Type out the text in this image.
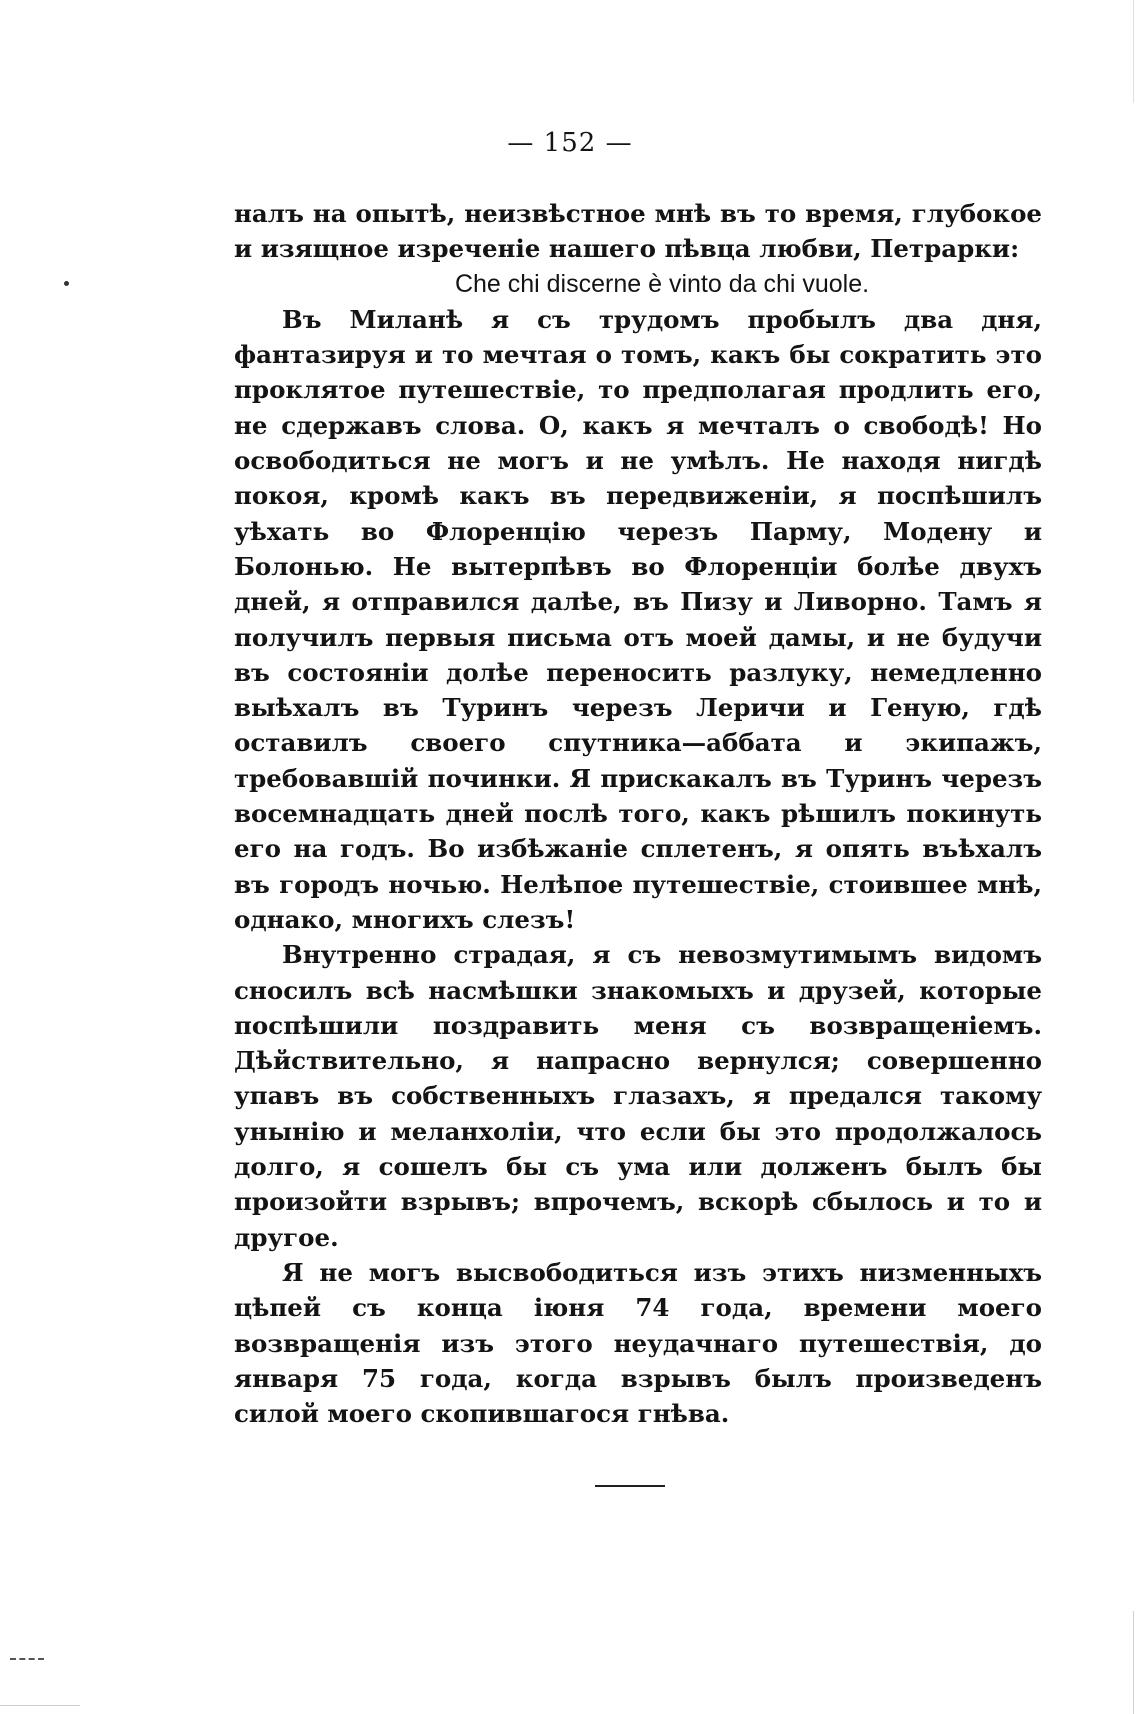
— 152 —

налъ на опытѣ, неизвѣстное мнѣ въ то время, глубокое и изящное изреченіе нашего пѣвца любви, Петрарки:

Che chi discerne è vinto da chi vuole.

Въ Миланѣ я съ трудомъ пробылъ два дня, фантазируя и то мечтая о томъ, какъ бы сократить это проклятое путешествіе, то предполагая продлить его, не сдержавъ слова. О, какъ я мечталъ о свободѣ! Но освободиться не могъ и не умѣлъ. Не находя нигдѣ покоя, кромѣ какъ въ передвиженіи, я поспѣшилъ уѣхать во Флоренцію черезъ Парму, Модену и Болонью. Не вытерпѣвъ во Флоренціи болѣе двухъ дней, я отправился далѣе, въ Пизу и Ливорно. Тамъ я получилъ первыя письма отъ моей дамы, и не будучи въ состояніи долѣе переносить разлуку, немедленно выѣхалъ въ Туринъ черезъ Леричи и Геную, гдѣ оставилъ своего спутника—аббата и экипажъ, требовавшій починки. Я прискакалъ въ Туринъ черезъ восемнадцать дней послѣ того, какъ рѣшилъ покинуть его на годъ. Во избѣжаніе сплетенъ, я опять въѣхалъ въ городъ ночью. Нелѣпое путешествіе, стоившее мнѣ, однако, многихъ слезъ!

Внутренно страдая, я съ невозмутимымъ видомъ сносилъ всѣ насмѣшки знакомыхъ и друзей, которые поспѣшили поздравить меня съ возвращеніемъ. Дѣйствительно, я напрасно вернулся; совершенно упавъ въ собственныхъ глазахъ, я предался такому унынію и меланхоліи, что если бы это продолжалось долго, я сошелъ бы съ ума или долженъ былъ бы произойти взрывъ; впрочемъ, вскорѣ сбылось и то и другое.

Я не могъ высвободиться изъ этихъ низменныхъ цѣпей съ конца іюня 74 года, времени моего возвращенія изъ этого неудачнаго путешествія, до января 75 года, когда взрывъ былъ произведенъ силой моего скопившагося гнѣва.
